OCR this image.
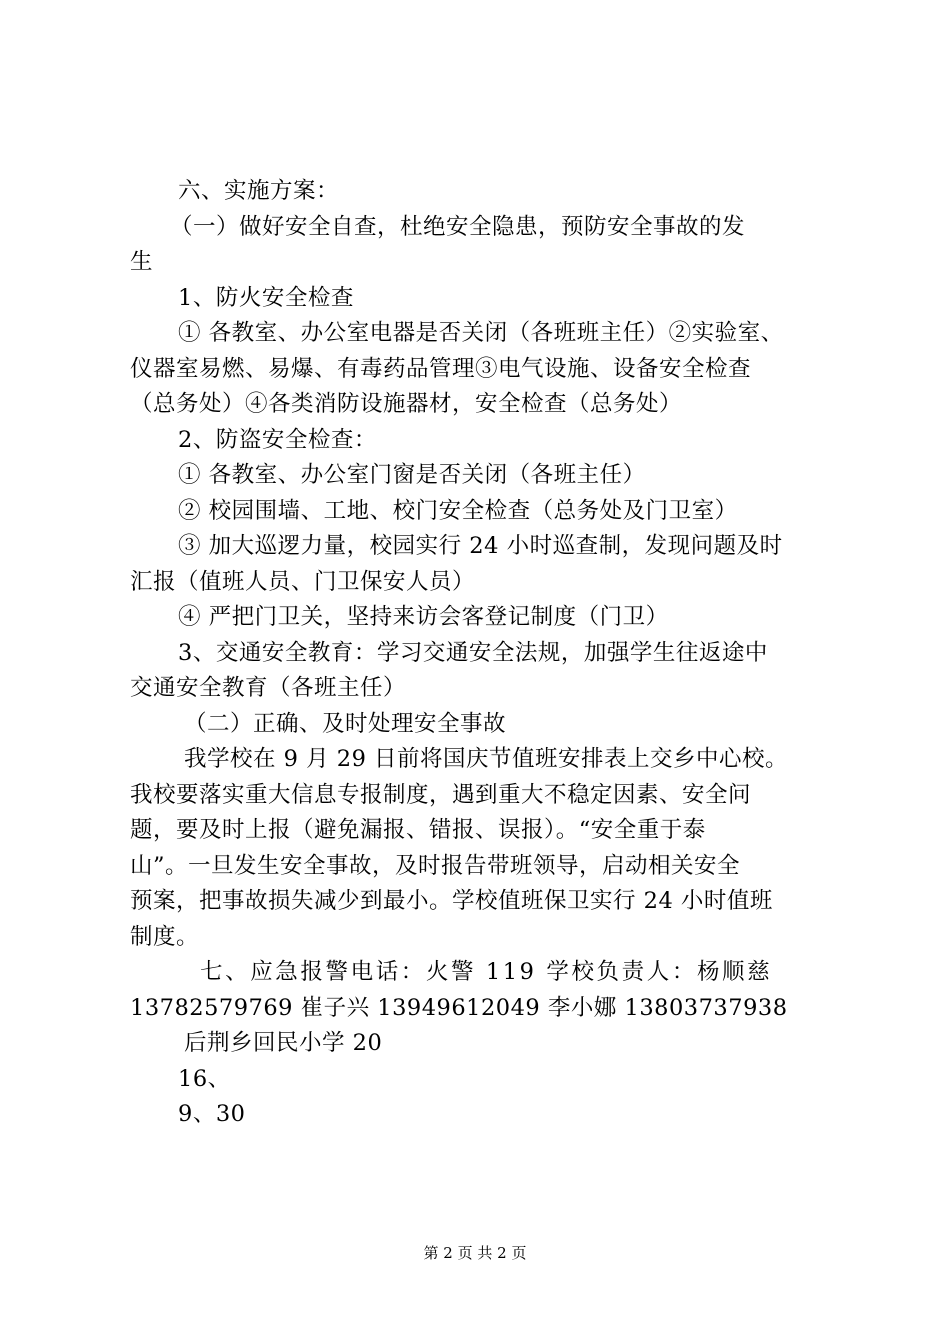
六、实施方案：
（一）做好安全自查，杜绝安全隐患，预防安全事故的发
生
1、防火安全检查
① 各教室、办公室电器是否关闭（各班班主任）②实验室、
仪器室易燃、易爆、有毒药品管理③电气设施、设备安全检查
（总务处）④各类消防设施器材，安全检查（总务处）
2、防盗安全检查：
① 各教室、办公室门窗是否关闭（各班主任）
② 校园围墙、工地、校门安全检查（总务处及门卫室）
③ 加大巡逻力量，校园实行 24 小时巡查制，发现问题及时
汇报（值班人员、门卫保安人员）
④ 严把门卫关，坚持来访会客登记制度（门卫）
3、交通安全教育：学习交通安全法规，加强学生往返途中
交通安全教育（各班主任）
（二）正确、及时处理安全事故
我学校在 9 月 29 日前将国庆节值班安排表上交乡中心校。
我校要落实重大信息专报制度，遇到重大不稳定因素、安全问
题，要及时上报（避免漏报、错报、误报）。“安全重于泰
山”。一旦发生安全事故，及时报告带班领导，启动相关安全
预案，把事故损失减少到最小。学校值班保卫实行 24 小时值班
制度。
七、应急报警电话：火警 119 学校负责人：杨顺慈
13782579769 崔子兴 13949612049 李小娜 13803737938
后荆乡回民小学 20
16、
9、30
第 2 页 共 2 页
